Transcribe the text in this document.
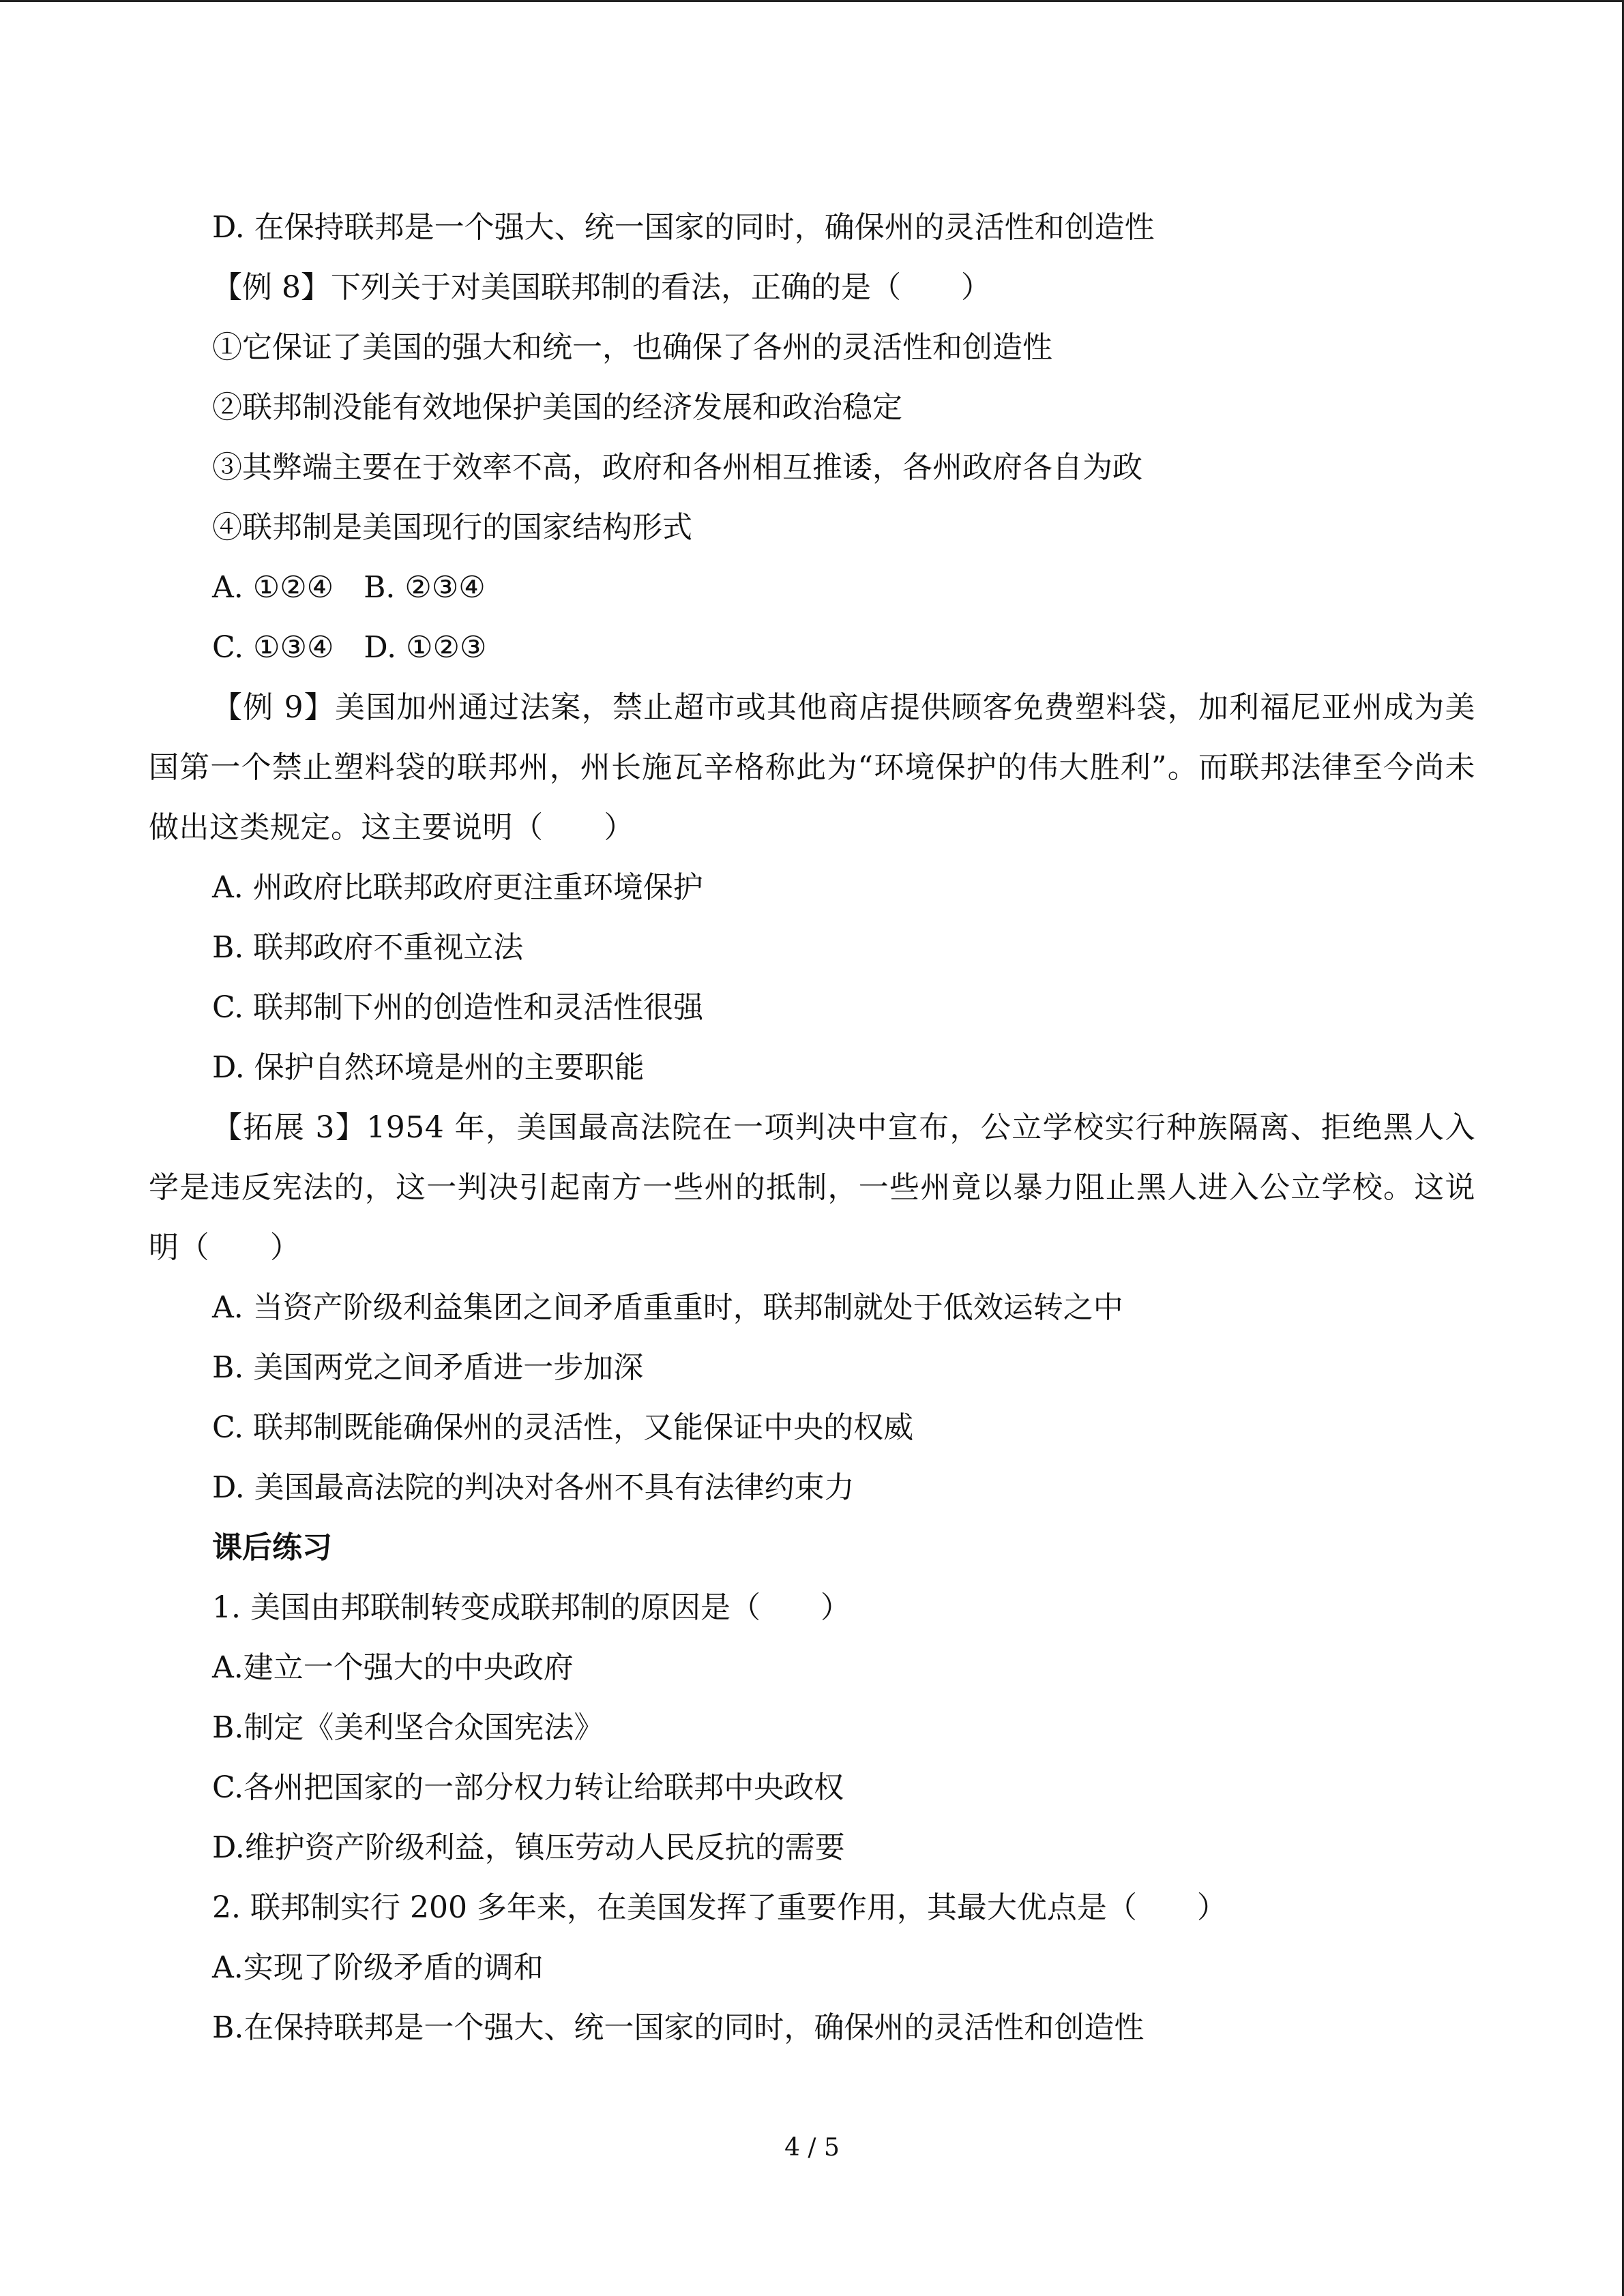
D. 在保持联邦是一个强大、统一国家的同时，确保州的灵活性和创造性
【例 8】下列关于对美国联邦制的看法，正确的是（　　）
①它保证了美国的强大和统一，也确保了各州的灵活性和创造性
②联邦制没能有效地保护美国的经济发展和政治稳定
③其弊端主要在于效率不高，政府和各州相互推诿，各州政府各自为政
④联邦制是美国现行的国家结构形式
A. ①②④　B. ②③④
C. ①③④　D. ①②③
【例 9】美国加州通过法案，禁止超市或其他商店提供顾客免费塑料袋，加利福尼亚州成为美国第一个禁止塑料袋的联邦州，州长施瓦辛格称此为“环境保护的伟大胜利”。而联邦法律至今尚未做出这类规定。这主要说明（　　）
A. 州政府比联邦政府更注重环境保护
B. 联邦政府不重视立法
C. 联邦制下州的创造性和灵活性很强
D. 保护自然环境是州的主要职能
【拓展 3】1954 年，美国最高法院在一项判决中宣布，公立学校实行种族隔离、拒绝黑人入学是违反宪法的，这一判决引起南方一些州的抵制，一些州竟以暴力阻止黑人进入公立学校。这说明（　　）
A. 当资产阶级利益集团之间矛盾重重时，联邦制就处于低效运转之中
B. 美国两党之间矛盾进一步加深
C. 联邦制既能确保州的灵活性，又能保证中央的权威
D. 美国最高法院的判决对各州不具有法律约束力
课后练习
1. 美国由邦联制转变成联邦制的原因是（　　）
A.建立一个强大的中央政府
B.制定《美利坚合众国宪法》
C.各州把国家的一部分权力转让给联邦中央政权
D.维护资产阶级利益，镇压劳动人民反抗的需要
2. 联邦制实行 200 多年来，在美国发挥了重要作用，其最大优点是（　　）
A.实现了阶级矛盾的调和
B.在保持联邦是一个强大、统一国家的同时，确保州的灵活性和创造性
4 / 5
